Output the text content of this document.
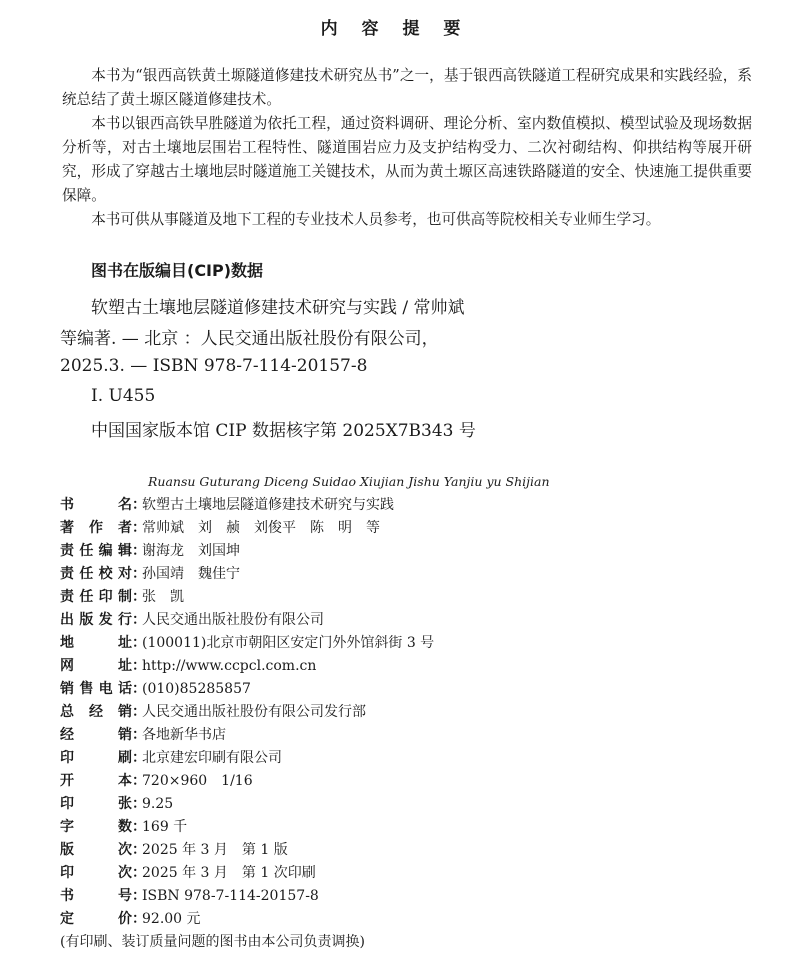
内 容 提 要

本书为“银西高铁黄土塬隧道修建技术研究丛书”之一，基于银西高铁隧道工程研究成果和实践经验，系统总结了黄土塬区隧道修建技术。

本书以银西高铁早胜隧道为依托工程，通过资料调研、理论分析、室内数值模拟、模型试验及现场数据分析等，对古土壤地层围岩工程特性、隧道围岩应力及支护结构受力、二次衬砌结构、仰拱结构等展开研究，形成了穿越古土壤地层时隧道施工关键技术，从而为黄土塬区高速铁路隧道的安全、快速施工提供重要保障。

本书可供从事隧道及地下工程的专业技术人员参考，也可供高等院校相关专业师生学习。

图书在版编目(CIP)数据
软塑古土壤地层隧道修建技术研究与实践 / 常帅斌
等编著. — 北京 ：人民交通出版社股份有限公司，
2025.3. — ISBN 978-7-114-20157-8
Ⅰ. U455
中国国家版本馆 CIP 数据核字第 2025X7B343 号
Ruansu Guturang Diceng Suidao Xiujian Jishu Yanjiu yu Shijian
书	名 ：
软塑古土壤地层隧道修建技术研究与实践
著 作 者 ：
常帅斌　刘　赪　刘俊平　陈　明　等
责 任 编 辑 ：
谢海龙　刘国坤
责 任 校 对 ：
孙国靖　魏佳宁
责 任 印 制 ：
张　凯
出 版 发 行 ：
人民交通出版社股份有限公司
地	址 ：
(100011)北京市朝阳区安定门外外馆斜街 3 号
网	址 ：
http://www.ccpcl.com.cn
销 售 电 话 ：
(010)85285857
总 经 销 ：
人民交通出版社股份有限公司发行部
经	销 ：
各地新华书店
印	刷 ：
北京建宏印刷有限公司
开	本 ：
720×960　1/16
印	张 ：
9.25
字	数 ：
169 千
版	次 ：
2025 年 3 月　第 1 版
印	次 ：
2025 年 3 月　第 1 次印刷
书	号 ：
ISBN 978-7-114-20157-8
定	价 ：
92.00 元
(有印刷、装订质量问题的图书由本公司负责调换)
